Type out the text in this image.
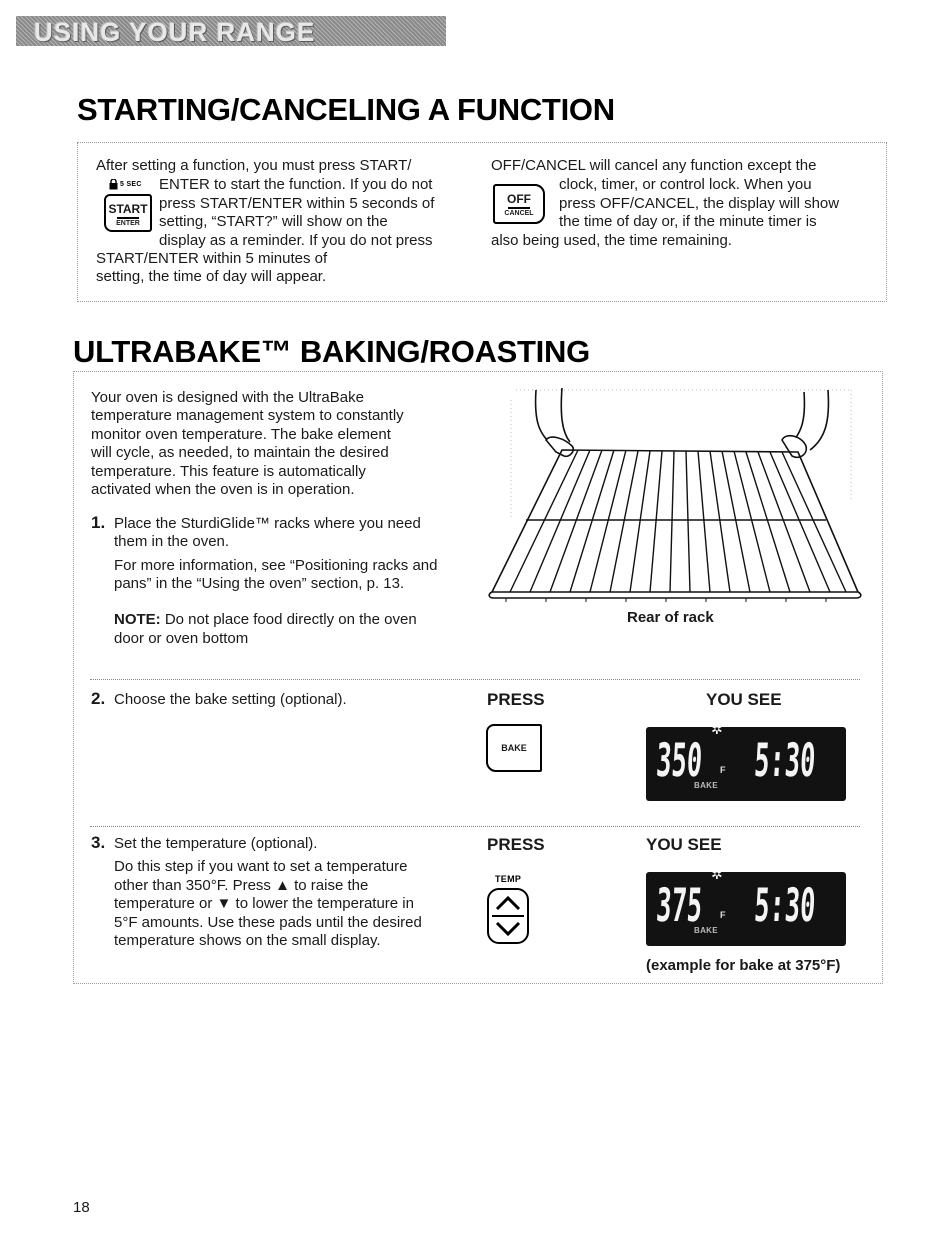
USING YOUR RANGE
STARTING/CANCELING A FUNCTION
After setting a function, you must press START/
ENTER to start the function. If you do not
press START/ENTER within 5 seconds of
setting, “START?” will show on the
display as a reminder. If you do not press
START/ENTER within 5 minutes of
setting, the time of day will appear.
5 SEC
START
ENTER
OFF/CANCEL will cancel any function except the
clock, timer, or control lock. When you
press OFF/CANCEL, the display will show
the time of day or, if the minute timer is
also being used, the time remaining.
OFF
CANCEL
ULTRABAKE™ BAKING/ROASTING
Your oven is designed with the UltraBake
temperature management system to constantly
monitor oven temperature. The bake element
will cycle, as needed, to maintain the desired
temperature. This feature is automatically
activated when the oven is in operation.
1. Place the SturdiGlide™ racks where you need
them in the oven.
For more information, see “Positioning racks and
pans” in the “Using the oven” section, p. 13.
NOTE: Do not place food directly on the oven
door or oven bottom
Rear of rack
2. Choose the bake setting (optional).	PRESS	YOU SEE
BAKE	350
✲
F 5:30
BAKE
3. Set the temperature (optional).
Do this step if you want to set a temperature
other than 350°F. Press ▲ to raise the
temperature or ▼ to lower the temperature in
5°F amounts. Use these pads until the desired
temperature shows on the small display.
PRESS	YOU SEE
TEMP	375
✲
F 5:30
BAKE
(example for bake at 375°F)
18
